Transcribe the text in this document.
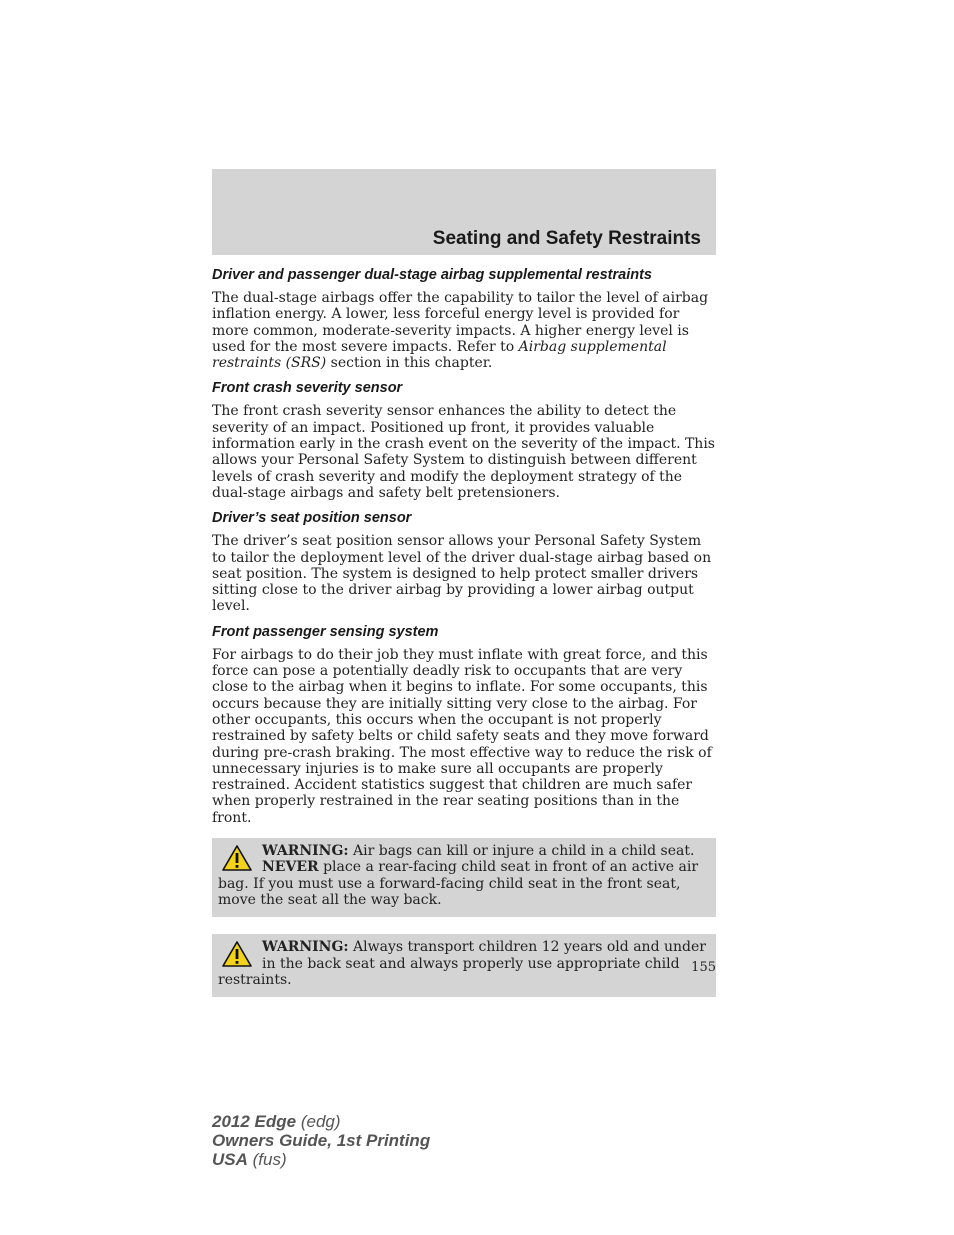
Seating and Safety Restraints
Driver and passenger dual-stage airbag supplemental restraints

The dual-stage airbags offer the capability to tailor the level of airbag inflation energy. A lower, less forceful energy level is provided for more common, moderate-severity impacts. A higher energy level is used for the most severe impacts. Refer to Airbag supplemental restraints (SRS) section in this chapter.

Front crash severity sensor

The front crash severity sensor enhances the ability to detect the severity of an impact. Positioned up front, it provides valuable information early in the crash event on the severity of the impact. This allows your Personal Safety System to distinguish between different levels of crash severity and modify the deployment strategy of the dual-stage airbags and safety belt pretensioners.

Driver’s seat position sensor

The driver’s seat position sensor allows your Personal Safety System to tailor the deployment level of the driver dual-stage airbag based on seat position. The system is designed to help protect smaller drivers sitting close to the driver airbag by providing a lower airbag output level.

Front passenger sensing system

For airbags to do their job they must inflate with great force, and this force can pose a potentially deadly risk to occupants that are very close to the airbag when it begins to inflate. For some occupants, this occurs because they are initially sitting very close to the airbag. For other occupants, this occurs when the occupant is not properly restrained by safety belts or child safety seats and they move forward during pre-crash braking. The most effective way to reduce the risk of unnecessary injuries is to make sure all occupants are properly restrained. Accident statistics suggest that children are much safer when properly restrained in the rear seating positions than in the front.

WARNING: Air bags can kill or injure a child in a child seat. NEVER place a rear-facing child seat in front of an active air bag. If you must use a forward-facing child seat in the front seat, move the seat all the way back.

WARNING: Always transport children 12 years old and under in the back seat and always properly use appropriate child restraints.

155
2012 Edge (edg)
Owners Guide, 1st Printing
USA (fus)
